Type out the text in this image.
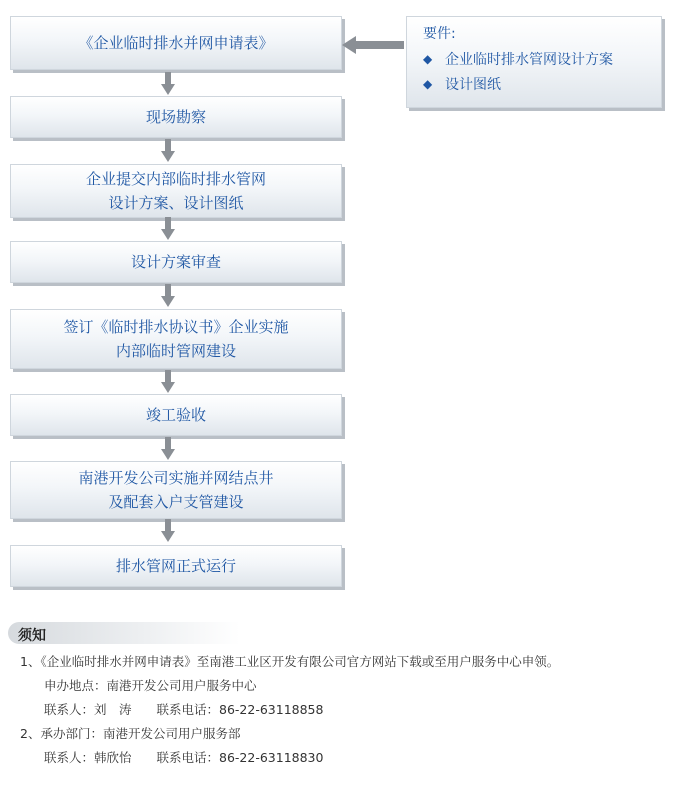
《企业临时排水并网申请表》
现场勘察
企业提交内部临时排水管网
设计方案、设计图纸
设计方案审查
签订《临时排水协议书》企业实施
内部临时管网建设
竣工验收
南港开发公司实施并网结点井
及配套入户支管建设
排水管网正式运行
要件:
◆ 企业临时排水管网设计方案
◆ 设计图纸
须知
1、《企业临时排水并网申请表》至南港工业区开发有限公司官方网站下载或至用户服务中心申领。
申办地点：南港开发公司用户服务中心
联系人：刘　涛　　联系电话：86-22-63118858
2、承办部门：南港开发公司用户服务部
联系人：韩欣怡　　联系电话：86-22-63118830
